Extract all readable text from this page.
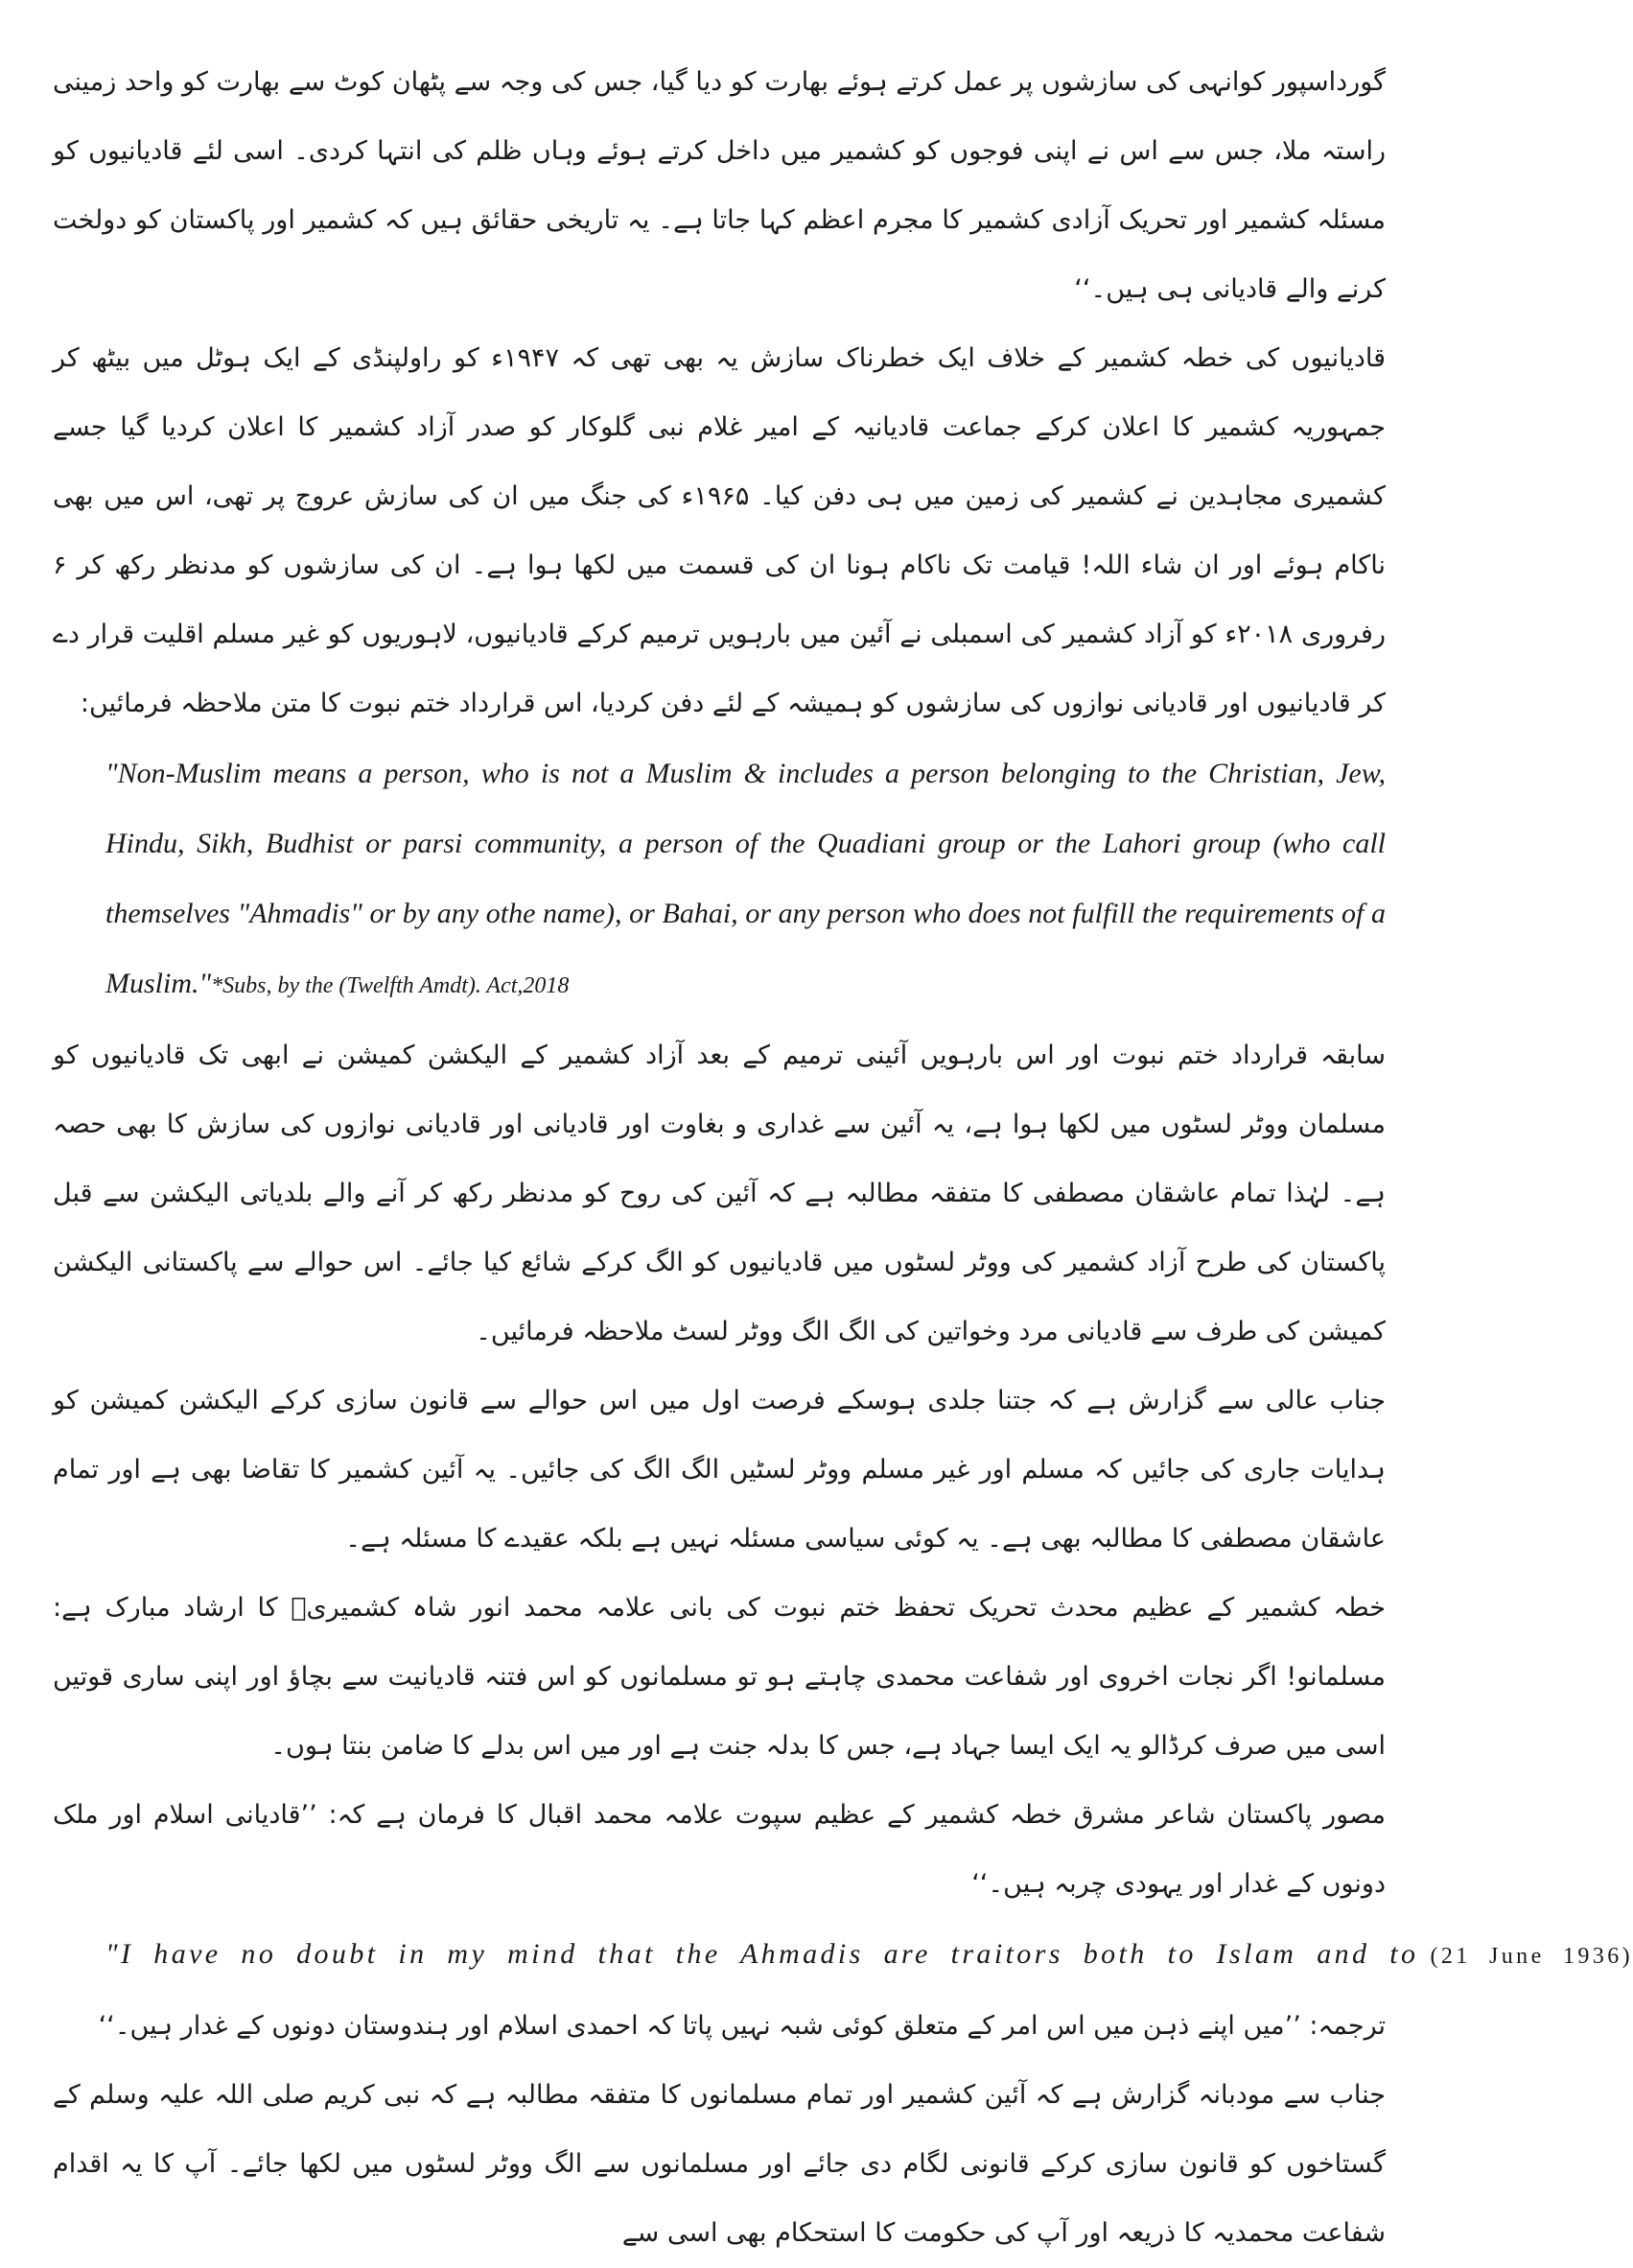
گورداسپور کوانہی کی سازشوں پر عمل کرتے ہوئے بھارت کو دیا گیا، جس کی وجہ سے پٹھان کوٹ سے بھارت کو واحد زمینی راستہ ملا، جس سے اس نے اپنی فوجوں کو کشمیر میں داخل کرتے ہوئے وہاں ظلم کی انتہا کردی۔ اسی لئے قادیانیوں کو مسئلہ کشمیر اور تحریک آزادی کشمیر کا مجرم اعظم کہا جاتا ہے۔ یہ تاریخی حقائق ہیں کہ کشمیر اور پاکستان کو دولخت کرنے والے قادیانی ہی ہیں۔‘‘

قادیانیوں کی خطہ کشمیر کے خلاف ایک خطرناک سازش یہ بھی تھی کہ ۱۹۴۷ء کو راولپنڈی کے ایک ہوٹل میں بیٹھ کر جمہوریہ کشمیر کا اعلان کرکے جماعت قادیانیہ کے امیر غلام نبی گلوکار کو صدر آزاد کشمیر کا اعلان کردیا گیا جسے کشمیری مجاہدین نے کشمیر کی زمین میں ہی دفن کیا۔ ۱۹۶۵ء کی جنگ میں ان کی سازش عروج پر تھی، اس میں بھی ناکام ہوئے اور ان شاء اللہ! قیامت تک ناکام ہونا ان کی قسمت میں لکھا ہوا ہے۔ ان کی سازشوں کو مدنظر رکھ کر ۶ رفروری ۲۰۱۸ء کو آزاد کشمیر کی اسمبلی نے آئین میں بارہویں ترمیم کرکے قادیانیوں، لاہوریوں کو غیر مسلم اقلیت قرار دے کر قادیانیوں اور قادیانی نوازوں کی سازشوں کو ہمیشہ کے لئے دفن کردیا، اس قرارداد ختم نبوت کا متن ملاحظہ فرمائیں:

"Non-Muslim means a person, who is not a Muslim & includes a person belonging to the Christian, Jew, Hindu, Sikh, Budhist or parsi community, a person of the Quadiani group or the Lahori group (who call themselves "Ahmadis" or by any othe name), or Bahai, or any person who does not fulfill the requirements of a Muslim."*Subs, by the (Twelfth Amdt). Act,2018

سابقہ قرارداد ختم نبوت اور اس بارہویں آئینی ترمیم کے بعد آزاد کشمیر کے الیکشن کمیشن نے ابھی تک قادیانیوں کو مسلمان ووٹر لسٹوں میں لکھا ہوا ہے، یہ آئین سے غداری و بغاوت اور قادیانی اور قادیانی نوازوں کی سازش کا بھی حصہ ہے۔ لہٰذا تمام عاشقان مصطفی کا متفقہ مطالبہ ہے کہ آئین کی روح کو مدنظر رکھ کر آنے والے بلدیاتی الیکشن سے قبل پاکستان کی طرح آزاد کشمیر کی ووٹر لسٹوں میں قادیانیوں کو الگ کرکے شائع کیا جائے۔ اس حوالے سے پاکستانی الیکشن کمیشن کی طرف سے قادیانی مرد وخواتین کی الگ الگ ووٹر لسٹ ملاحظہ فرمائیں۔

جناب عالی سے گزارش ہے کہ جتنا جلدی ہوسکے فرصت اول میں اس حوالے سے قانون سازی کرکے الیکشن کمیشن کو ہدایات جاری کی جائیں کہ مسلم اور غیر مسلم ووٹر لسٹیں الگ الگ کی جائیں۔ یہ آئین کشمیر کا تقاضا بھی ہے اور تمام عاشقان مصطفی کا مطالبہ بھی ہے۔ یہ کوئی سیاسی مسئلہ نہیں ہے بلکہ عقیدے کا مسئلہ ہے۔

خطہ کشمیر کے عظیم محدث تحریک تحفظ ختم نبوت کی بانی علامہ محمد انور شاہ کشمیریؒ کا ارشاد مبارک ہے: مسلمانو! اگر نجات اخروی اور شفاعت محمدی چاہتے ہو تو مسلمانوں کو اس فتنہ قادیانیت سے بچاؤ اور اپنی ساری قوتیں اسی میں صرف کرڈالو یہ ایک ایسا جہاد ہے، جس کا بدلہ جنت ہے اور میں اس بدلے کا ضامن بنتا ہوں۔

مصور پاکستان شاعر مشرق خطہ کشمیر کے عظیم سپوت علامہ محمد اقبال کا فرمان ہے کہ: ’’قادیانی اسلام اور ملک دونوں کے غدار اور یہودی چربہ ہیں۔‘‘

"I have no doubt in my mind that the Ahmadis are traitors both to Islam and to (21 June 1936)

ترجمہ: ’’میں اپنے ذہن میں اس امر کے متعلق کوئی شبہ نہیں پاتا کہ احمدی اسلام اور ہندوستان دونوں کے غدار ہیں۔‘‘

جناب سے مودبانہ گزارش ہے کہ آئین کشمیر اور تمام مسلمانوں کا متفقہ مطالبہ ہے کہ نبی کریم صلی اللہ علیہ وسلم کے گستاخوں کو قانون سازی کرکے قانونی لگام دی جائے اور مسلمانوں سے الگ ووٹر لسٹوں میں لکھا جائے۔ آپ کا یہ اقدام شفاعت محمدیہ کا ذریعہ اور آپ کی حکومت کا استحکام بھی اسی سے
